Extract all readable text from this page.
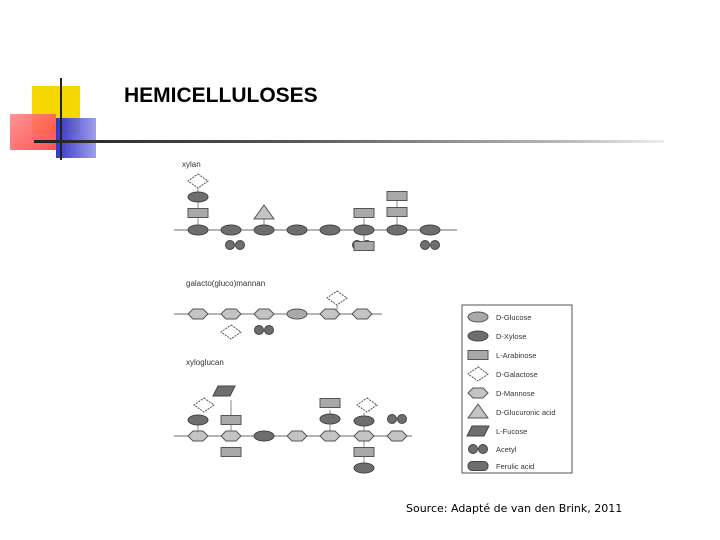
HEMICELLULOSES
xylan
galacto(gluco)mannan
xyloglucan
D-Glucose
D-Xylose
L-Arabinose
D-Galactose
D-Mannose
D-Glucuronic acid
L-Fucose
Acetyl
Ferulic acid
Source: Adapté de van den Brink, 2011
